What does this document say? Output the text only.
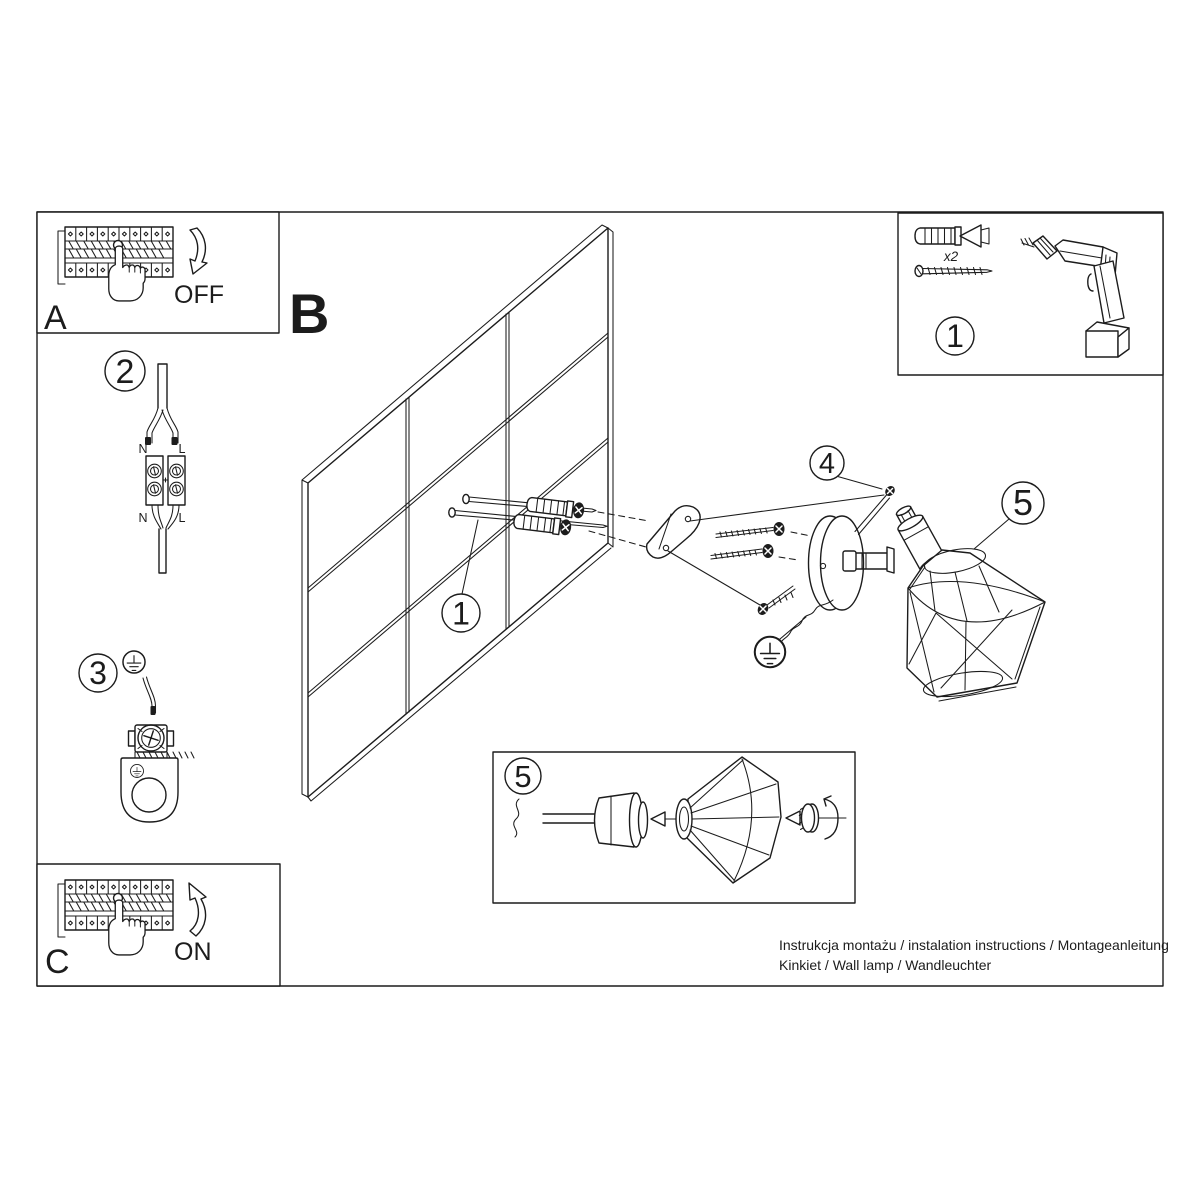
OFF
A	B
2
N L
N L
3
ON
C
1
4
5
x2
1
5
Instrukcja montażu / instalation instructions / Montageanleitung
Kinkiet / Wall lamp / Wandleuchter
